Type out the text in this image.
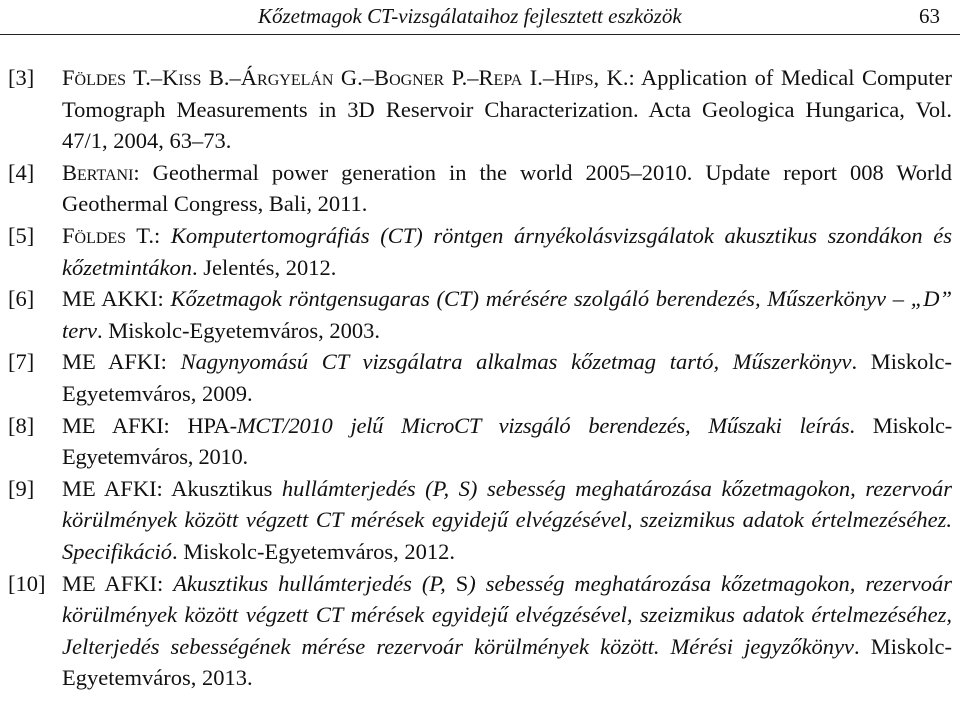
Kőzetmagok CT-vizsgálataihoz fejlesztett eszközök	63
[3] Földes T.–Kiss B.–Árgyelán G.–Bogner P.–Repa I.–Hips, K.: Application of Medical Computer Tomograph Measurements in 3D Reservoir Characterization. Acta Geologica Hungarica, Vol. 47/1, 2004, 63–73.
[4] Bertani: Geothermal power generation in the world 2005–2010. Update report 008 World Geothermal Congress, Bali, 2011.
[5] Földes T.: Komputertomográfiás (CT) röntgen árnyékolásvizsgálatok akusztikus szondákon és kőzetmintákon. Jelentés, 2012.
[6] ME AKKI: Kőzetmagok röntgensugaras (CT) mérésére szolgáló berendezés, Műszerkönyv – „D” terv. Miskolc-Egyetemváros, 2003.
[7] ME AFKI: Nagynyomású CT vizsgálatra alkalmas kőzetmag tartó, Műszerkönyv. Miskolc-Egyetemváros, 2009.
[8] ME AFKI: HPA-MCT/2010 jelű MicroCT vizsgáló berendezés, Műszaki leírás. Miskolc-Egyetemváros, 2010.
[9] ME AFKI: Akusztikus hullámterjedés (P, S) sebesség meghatározása kőzetmagokon, rezervoár körülmények között végzett CT mérések egyidejű elvégzésével, szeizmikus adatok értelmezéséhez. Specifikáció. Miskolc-Egyetemváros, 2012.
[10] ME AFKI: Akusztikus hullámterjedés (P, S) sebesség meghatározása kőzetmagokon, rezervoár körülmények között végzett CT mérések egyidejű elvégzésével, szeizmikus adatok értelmezéséhez, Jelterjedés sebességének mérése rezervoár körülmények között. Mérési jegyzőkönyv. Miskolc-Egyetemváros, 2013.
